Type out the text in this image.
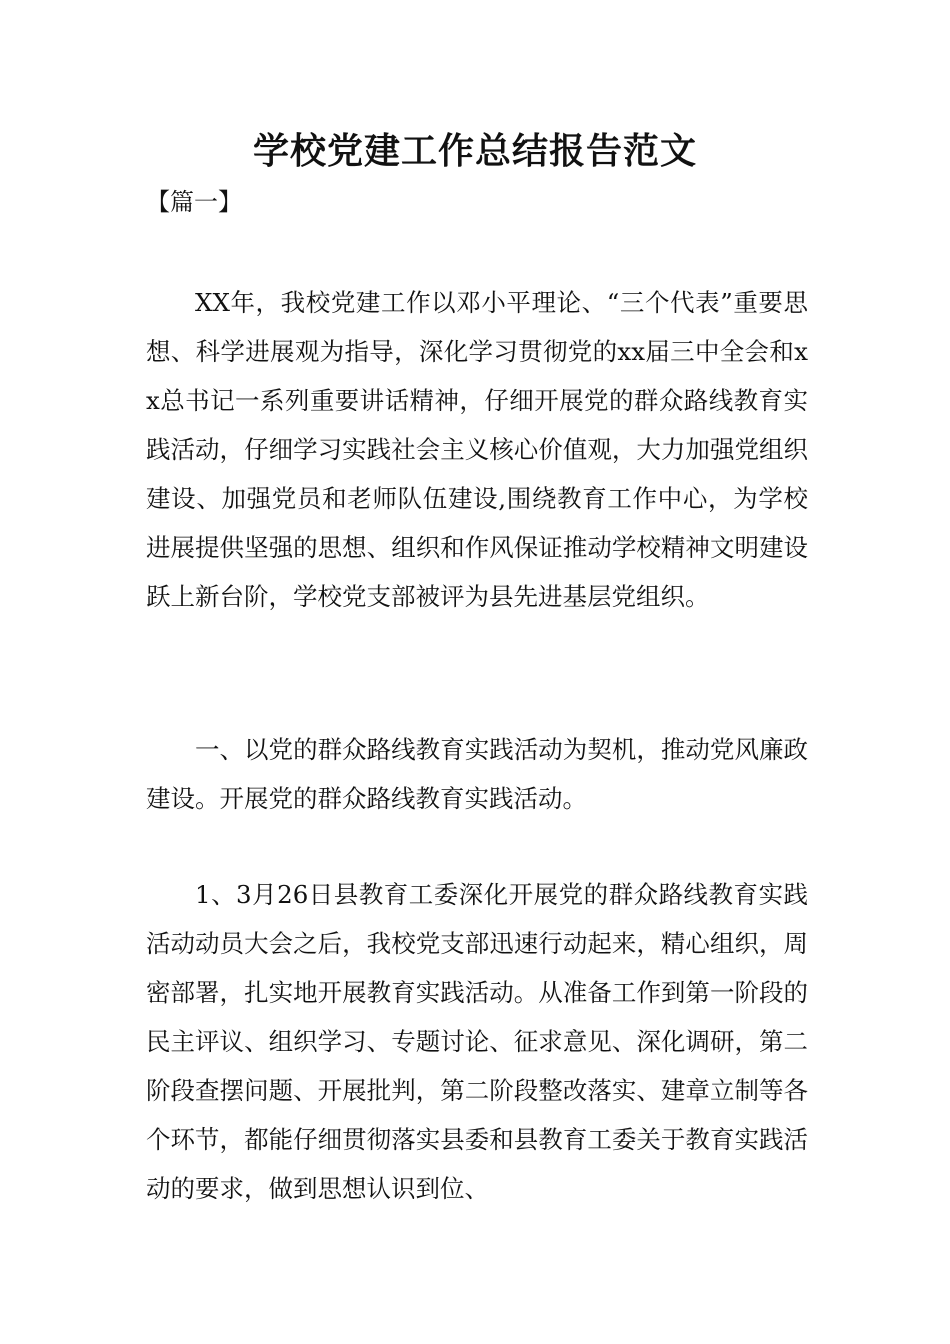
学校党建工作总结报告范文
【篇一】

XX年，我校党建工作以邓小平理论、“三个代表”重要思想、科学进展观为指导，深化学习贯彻党的xx届三中全会和xx总书记一系列重要讲话精神，仔细开展党的群众路线教育实践活动，仔细学习实践社会主义核心价值观，大力加强党组织建设、加强党员和老师队伍建设,围绕教育工作中心，为学校进展提供坚强的思想、组织和作风保证推动学校精神文明建设跃上新台阶，学校党支部被评为县先进基层党组织。

一、以党的群众路线教育实践活动为契机，推动党风廉政建设。开展党的群众路线教育实践活动。

1、3月26日县教育工委深化开展党的群众路线教育实践活动动员大会之后，我校党支部迅速行动起来，精心组织，周密部署，扎实地开展教育实践活动。从准备工作到第一阶段的民主评议、组织学习、专题讨论、征求意见、深化调研，第二阶段查摆问题、开展批判，第二阶段整改落实、建章立制等各个环节，都能仔细贯彻落实县委和县教育工委关于教育实践活动的要求，做到思想认识到位、
